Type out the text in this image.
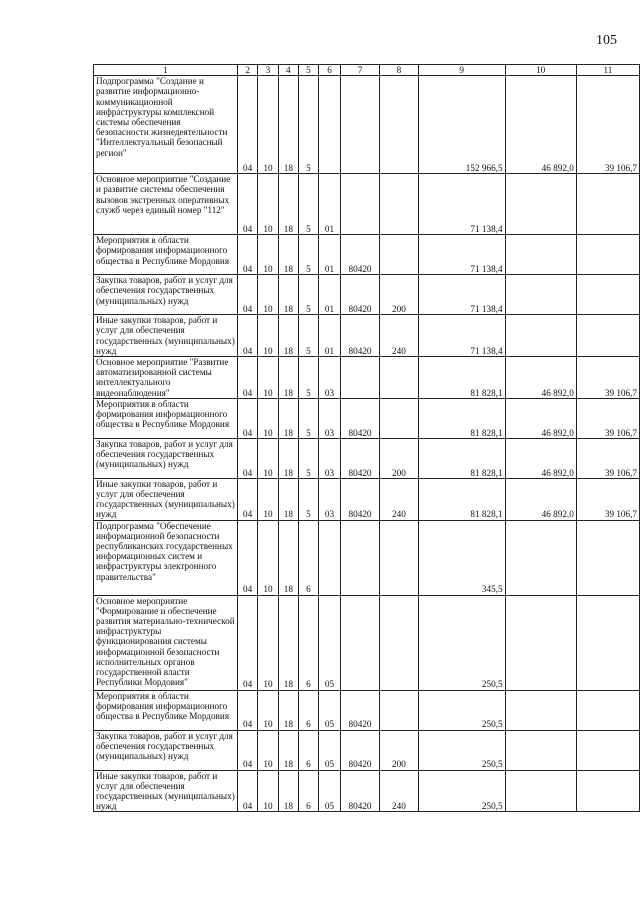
105
1	2	3	4	5	6	7	8	9	10	11
Подпрограмма "Создание и развитие информационно-коммуникационной инфраструктуры комплексной системы обеспечения безопасности жизнедеятельности "Интеллектуальный безопасный регион"	04	10	18	5				152 966,5	46 892,0	39 106,7
Основное мероприятие "Создание и развитие системы обеспечения вызовов экстренных оперативных служб через единый номер "112"	04	10	18	5	01			71 138,4		
Мероприятия в области формирования информационного общества в Республике Мордовия	04	10	18	5	01	80420		71 138,4		
Закупка товаров, работ и услуг для обеспечения государственных (муниципальных) нужд	04	10	18	5	01	80420	200	71 138,4		
Иные закупки товаров, работ и услуг для обеспечения государственных (муниципальных) нужд	04	10	18	5	01	80420	240	71 138,4		
Основное мероприятие "Развитие автоматизированной системы интеллектуального видеонаблюдения"	04	10	18	5	03			81 828,1	46 892,0	39 106,7
Мероприятия в области формирования информационного общества в Республике Мордовия	04	10	18	5	03	80420		81 828,1	46 892,0	39 106,7
Закупка товаров, работ и услуг для обеспечения государственных (муниципальных) нужд	04	10	18	5	03	80420	200	81 828,1	46 892,0	39 106,7
Иные закупки товаров, работ и услуг для обеспечения государственных (муниципальных) нужд	04	10	18	5	03	80420	240	81 828,1	46 892,0	39 106,7
Подпрограмма "Обеспечение информационной безопасности республиканских государственных информационных систем и инфраструктуры электронного правительства"	04	10	18	6				345,5		
Основное мероприятие "Формирование и обеспечение развития материально-технической инфраструктуры функционирования системы информационной безопасности исполнительных органов государственной власти Республики Мордовия"	04	10	18	6	05			250,5		
Мероприятия в области формирования информационного общества в Республике Мордовия	04	10	18	6	05	80420		250,5		
Закупка товаров, работ и услуг для обеспечения государственных (муниципальных) нужд	04	10	18	6	05	80420	200	250,5		
Иные закупки товаров, работ и услуг для обеспечения государственных (муниципальных) нужд	04	10	18	6	05	80420	240	250,5		
